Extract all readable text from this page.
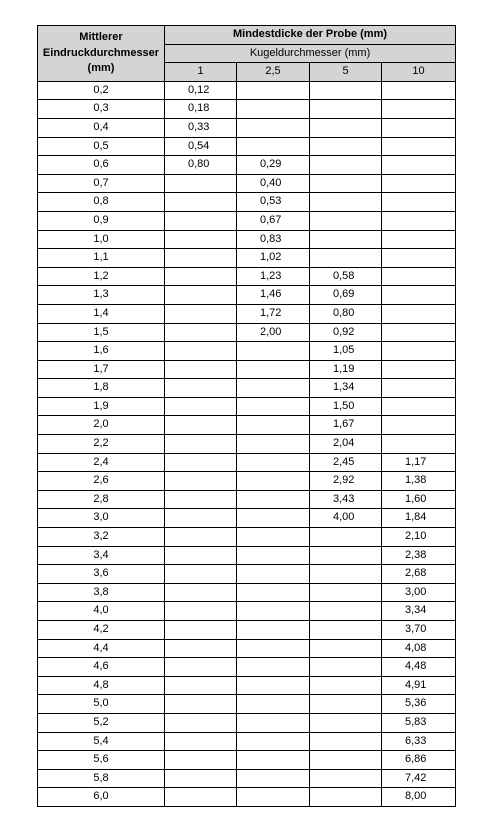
Mittlerer Eindruckdurchmesser (mm)	Mindestdicke der Probe (mm)			
	Kugeldurchmesser (mm)			
	1	2,5	5	10
0,2	0,12			
0,3	0,18			
0,4	0,33			
0,5	0,54			
0,6	0,80	0,29		
0,7		0,40		
0,8		0,53		
0,9		0,67		
1,0		0,83		
1,1		1,02		
1,2		1,23	0,58	
1,3		1,46	0,69	
1,4		1,72	0,80	
1,5		2,00	0,92	
1,6			1,05	
1,7			1,19	
1,8			1,34	
1,9			1,50	
2,0			1,67	
2,2			2,04	
2,4			2,45	1,17
2,6			2,92	1,38
2,8			3,43	1,60
3,0			4,00	1,84
3,2				2,10
3,4				2,38
3,6				2,68
3,8				3,00
4,0				3,34
4,2				3,70
4,4				4,08
4,6				4,48
4,8				4,91
5,0				5,36
5,2				5,83
5,4				6,33
5,6				6,86
5,8				7,42
6,0				8,00
